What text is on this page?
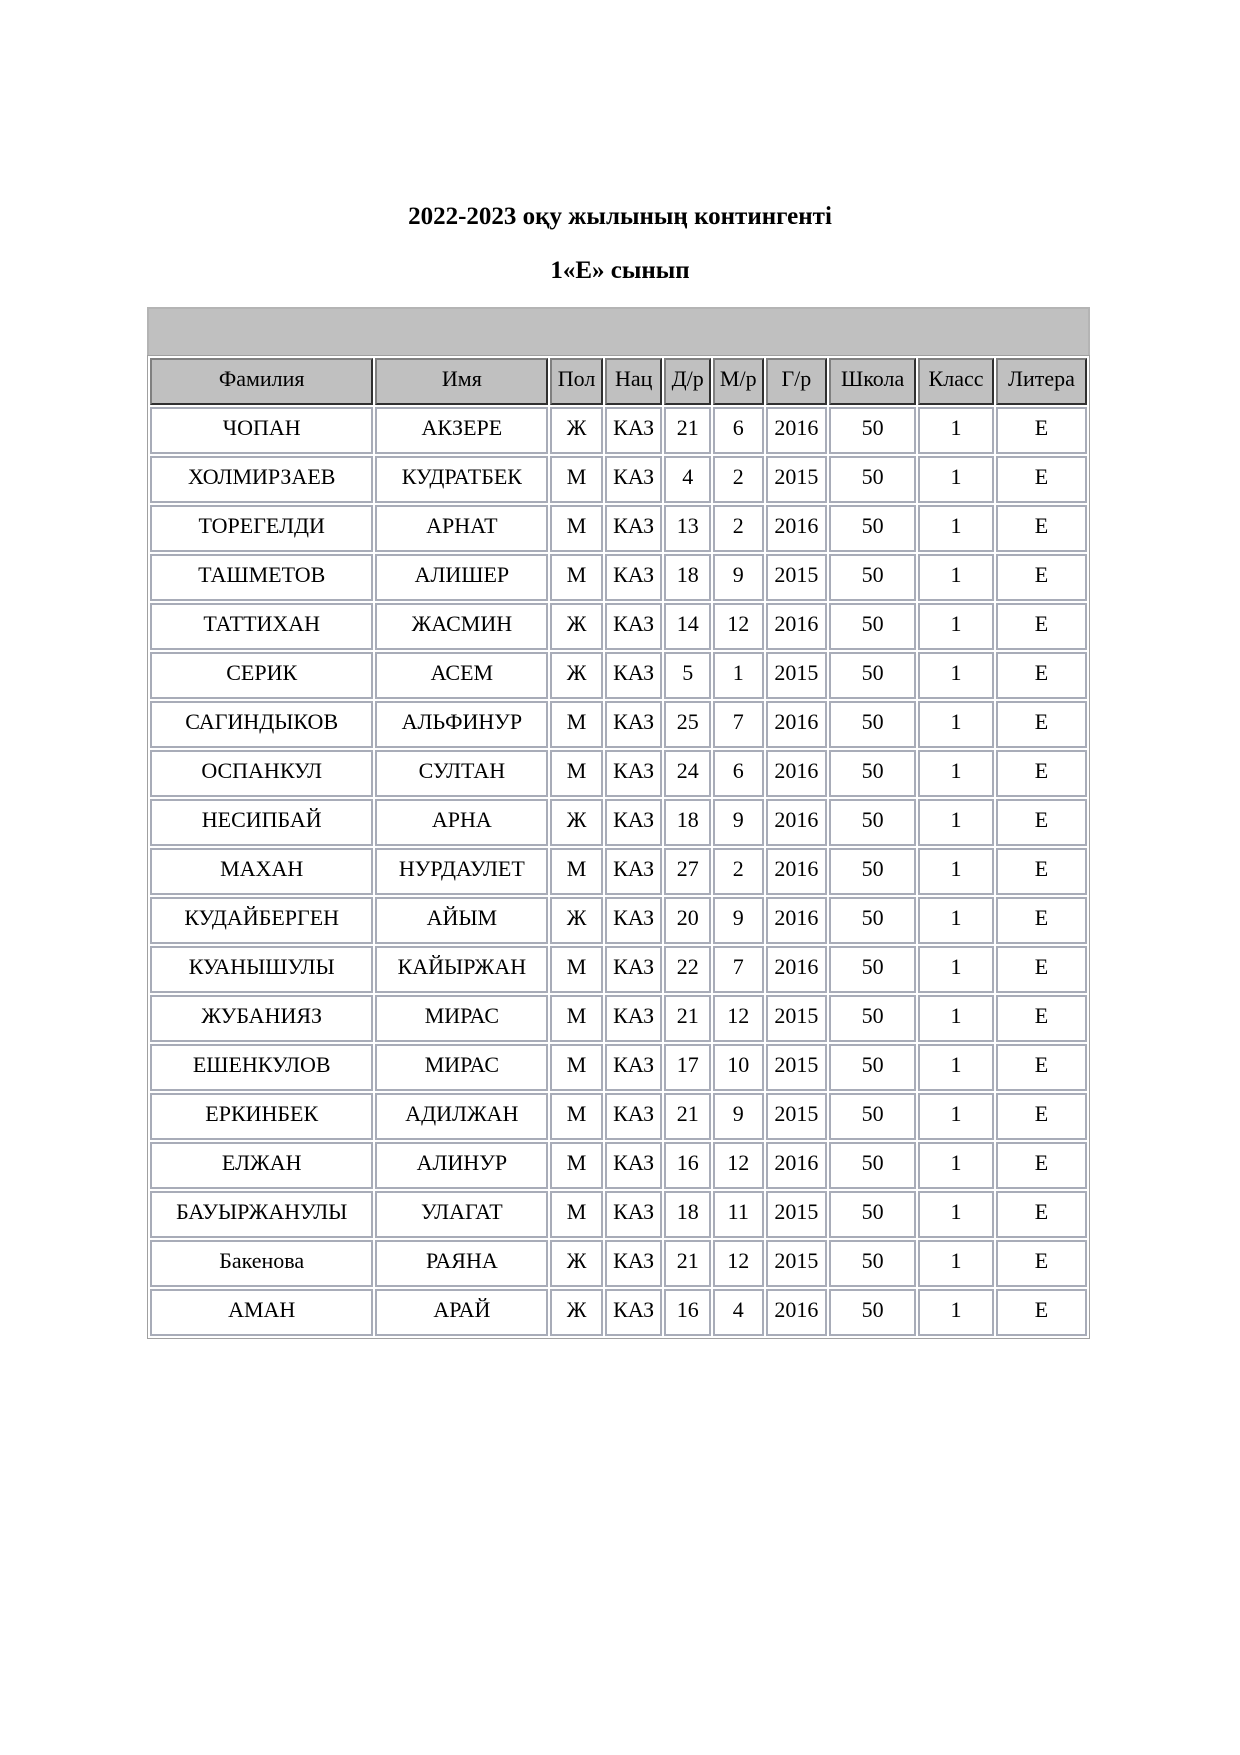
2022-2023 оқу жылының контингенті
1«Е» сынып
Фамилия	Имя	Пол	Нац	Д/р	М/р	Г/р	Школа	Класс	Литера
ЧОПАН	АКЗЕРЕ	Ж	КАЗ	21	6	2016	50	1	Е
ХОЛМИРЗАЕВ	КУДРАТБЕК	М	КАЗ	4	2	2015	50	1	Е
ТОРЕГЕЛДИ	АРНАТ	М	КАЗ	13	2	2016	50	1	Е
ТАШМЕТОВ	АЛИШЕР	М	КАЗ	18	9	2015	50	1	Е
ТАТТИХАН	ЖАСМИН	Ж	КАЗ	14	12	2016	50	1	Е
СЕРИК	АСЕМ	Ж	КАЗ	5	1	2015	50	1	Е
САГИНДЫКОВ	АЛЬФИНУР	М	КАЗ	25	7	2016	50	1	Е
ОСПАНКУЛ	СУЛТАН	М	КАЗ	24	6	2016	50	1	Е
НЕСИПБАЙ	АРНА	Ж	КАЗ	18	9	2016	50	1	Е
МАХАН	НУРДАУЛЕТ	М	КАЗ	27	2	2016	50	1	Е
КУДАЙБЕРГЕН	АЙЫМ	Ж	КАЗ	20	9	2016	50	1	Е
КУАНЫШУЛЫ	КАЙЫРЖАН	М	КАЗ	22	7	2016	50	1	Е
ЖУБАНИЯЗ	МИРАС	М	КАЗ	21	12	2015	50	1	Е
ЕШЕНКУЛОВ	МИРАС	М	КАЗ	17	10	2015	50	1	Е
ЕРКИНБЕК	АДИЛЖАН	М	КАЗ	21	9	2015	50	1	Е
ЕЛЖАН	АЛИНУР	М	КАЗ	16	12	2016	50	1	Е
БАУЫРЖАНУЛЫ	УЛАГАТ	М	КАЗ	18	11	2015	50	1	Е
Бакенова	РАЯНА	Ж	КАЗ	21	12	2015	50	1	Е
АМАН	АРАЙ	Ж	КАЗ	16	4	2016	50	1	Е
